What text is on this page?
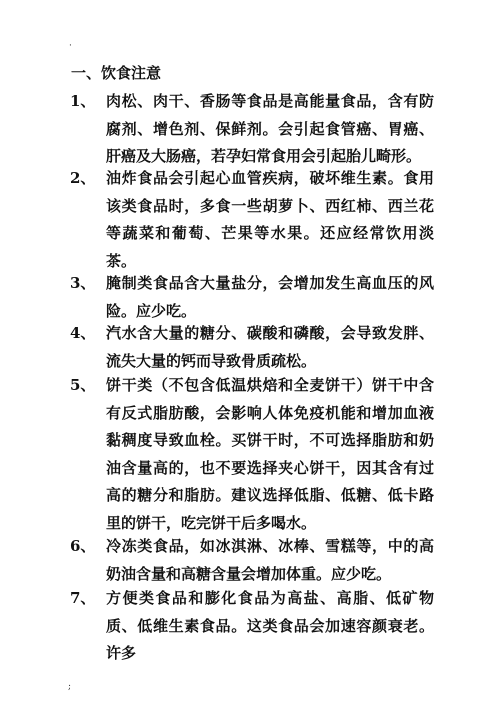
·
一、饮食注意
1、 肉松、肉干、香肠等食品是高能量食品，含有防腐剂、增色剂、保鲜剂。会引起食管癌、胃癌、肝癌及大肠癌，若孕妇常食用会引起胎儿畸形。
2、 油炸食品会引起心血管疾病，破坏维生素。食用该类食品时，多食一些胡萝卜、西红柿、西兰花等蔬菜和葡萄、芒果等水果。还应经常饮用淡茶。
3、 腌制类食品含大量盐分，会增加发生高血压的风险。应少吃。
4、 汽水含大量的糖分、碳酸和磷酸，会导致发胖、流失大量的钙而导致骨质疏松。
5、 饼干类（不包含低温烘焙和全麦饼干）饼干中含有反式脂肪酸，会影响人体免疫机能和增加血液黏稠度导致血栓。买饼干时，不可选择脂肪和奶油含量高的，也不要选择夹心饼干，因其含有过高的糖分和脂肪。建议选择低脂、低糖、低卡路里的饼干，吃完饼干后多喝水。
6、 冷冻类食品，如冰淇淋、冰棒、雪糕等，中的高奶油含量和高糖含量会增加体重。应少吃。
7、 方便类食品和膨化食品为高盐、高脂、低矿物质、低维生素食品。这类食品会加速容颜衰老。许多
;
